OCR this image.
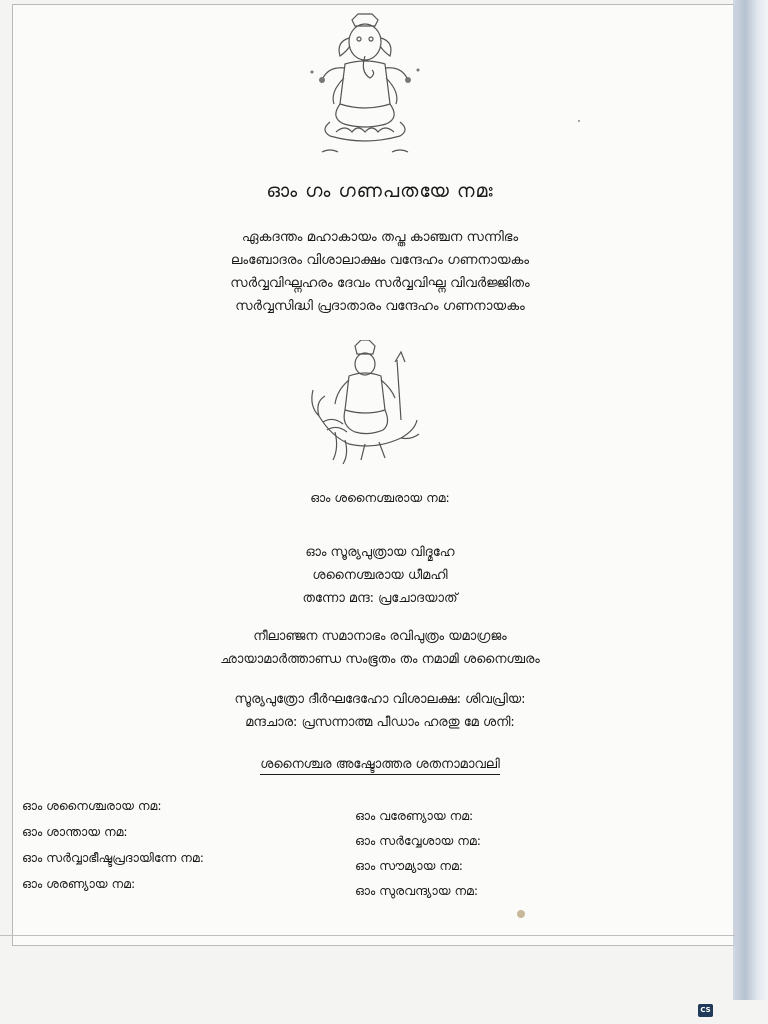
ഓം ഗം ഗണപതയേ നമഃ
ഏകദന്തം മഹാകായം തപ്ത കാഞ്ചന സന്നിഭം
ലംബോദരം വിശാലാക്ഷം വന്ദേഹം ഗണനായകം
സർവ്വവിഘ്നഹരം ദേവം സർവ്വവിഘ്ന വിവർജ്ജിതം
സർവ്വസിദ്ധി പ്രദാതാരം വന്ദേഹം ഗണനായകം
ഓം ശനൈശ്ചരായ നമ:
ഓം സൂര്യപുത്രായ വിദ്മഹേ
ശനൈശ്ചരായ ധീമഹി
തന്നോ മന്ദ: പ്രചോദയാത്
നീലാഞ്ജന സമാനാഭം രവിപുത്രം യമാഗ്രജം
ഛായാമാർത്താണ്ഡ സംഭൂതം തം നമാമി ശനൈശ്ചരം
സൂര്യപുത്രോ ദീർഘദേഹോ വിശാലക്ഷ: ശിവപ്രിയ:
മന്ദചാര: പ്രസന്നാത്മ പീഡാം ഹരതു മേ ശനി:
ശനൈശ്ചര അഷ്ടോത്തര ശതനാമാവലി
ഓം ശനൈശ്ചരായ നമ:
ഓം ശാന്തായ നമ:
ഓം സർവ്വാഭീഷ്ടപ്രദായിന്നേ നമ:
ഓം ശരണ്യായ നമ:
ഓം വരേണ്യായ നമ:
ഓം സർവ്വേശായ നമ:
ഓം സൗമ്യായ നമ:
ഓം സുരവന്ദ്യായ നമ:
CS
